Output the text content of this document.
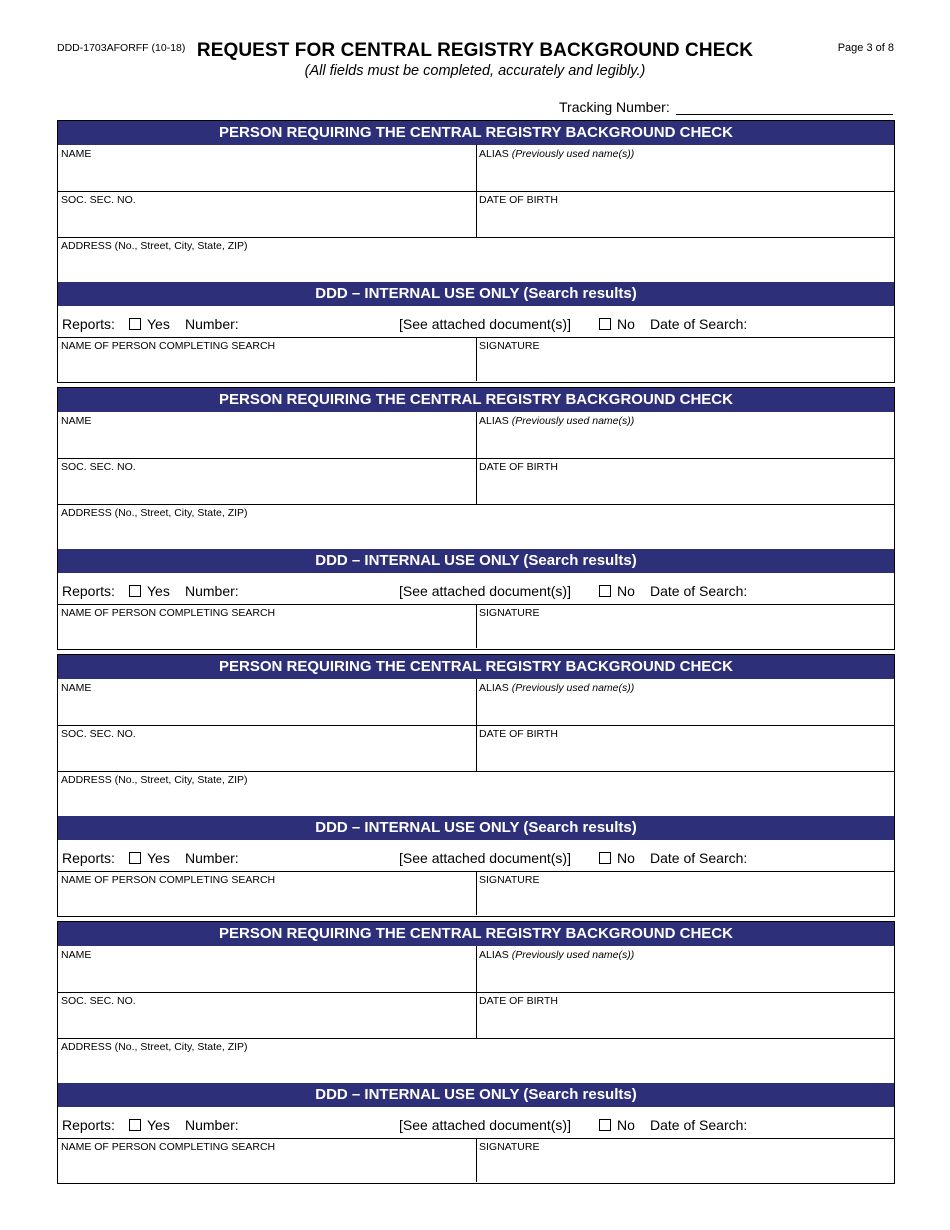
DDD-1703AFORFF (10-18) REQUEST FOR CENTRAL REGISTRY BACKGROUND CHECK
(All fields must be completed, accurately and legibly.)
Page 3 of 8
Tracking Number:
PERSON REQUIRING THE CENTRAL REGISTRY BACKGROUND CHECK
NAME	ALIAS (Previously used name(s))
SOC. SEC. NO.	DATE OF BIRTH
ADDRESS (No., Street, City, State, ZIP)
DDD – INTERNAL USE ONLY (Search results)
Reports:	Yes Number:	[See attached document(s)]	No Date of Search:
NAME OF PERSON COMPLETING SEARCH	SIGNATURE
PERSON REQUIRING THE CENTRAL REGISTRY BACKGROUND CHECK
NAME	ALIAS (Previously used name(s))
SOC. SEC. NO.	DATE OF BIRTH
ADDRESS (No., Street, City, State, ZIP)
DDD – INTERNAL USE ONLY (Search results)
Reports:	Yes Number:	[See attached document(s)]	No Date of Search:
NAME OF PERSON COMPLETING SEARCH	SIGNATURE
PERSON REQUIRING THE CENTRAL REGISTRY BACKGROUND CHECK
NAME	ALIAS (Previously used name(s))
SOC. SEC. NO.	DATE OF BIRTH
ADDRESS (No., Street, City, State, ZIP)
DDD – INTERNAL USE ONLY (Search results)
Reports:	Yes Number:	[See attached document(s)]	No Date of Search:
NAME OF PERSON COMPLETING SEARCH	SIGNATURE
PERSON REQUIRING THE CENTRAL REGISTRY BACKGROUND CHECK
NAME	ALIAS (Previously used name(s))
SOC. SEC. NO.	DATE OF BIRTH
ADDRESS (No., Street, City, State, ZIP)
DDD – INTERNAL USE ONLY (Search results)
Reports:	Yes Number:	[See attached document(s)]	No Date of Search:
NAME OF PERSON COMPLETING SEARCH	SIGNATURE
